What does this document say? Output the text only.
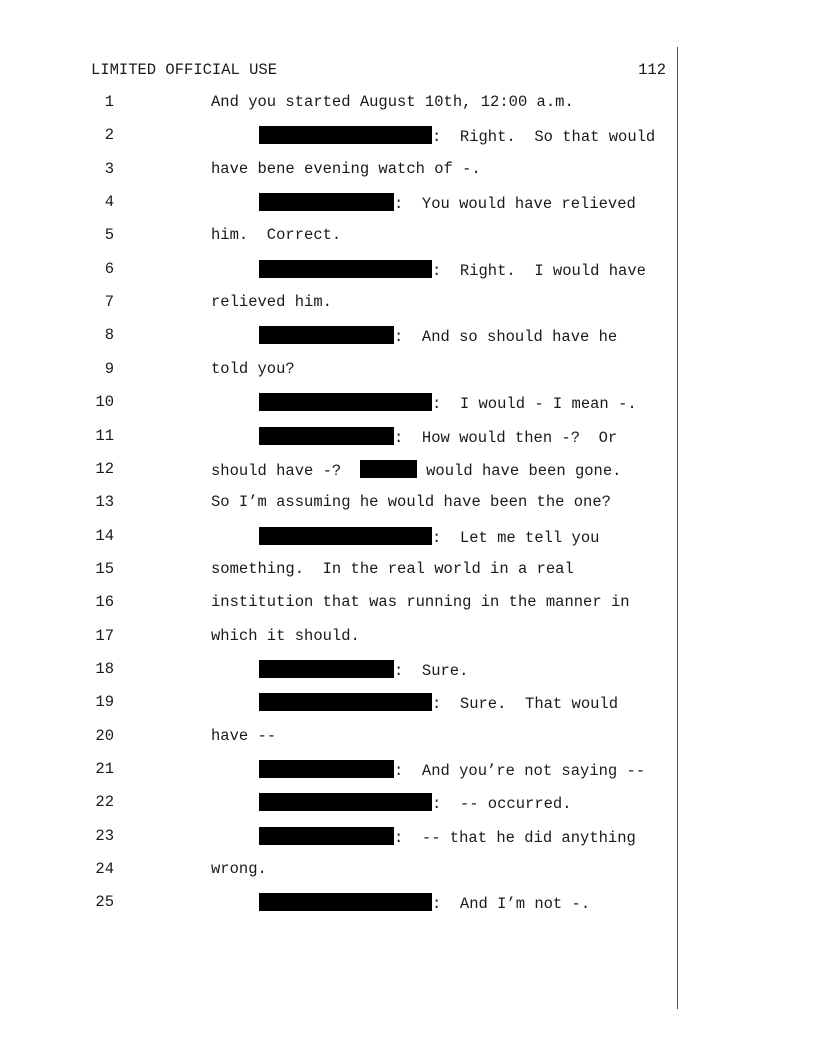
LIMITED OFFICIAL USE	112
1	And you started August 10th, 12:00 a.m.
2	:  Right.  So that would
3	have bene evening watch of -.
4	:  You would have relieved
5	him.  Correct.
6	:  Right.  I would have
7	relieved him.
8	:  And so should have he
9	told you?
10	:  I would - I mean -.
11	:  How would then -?  Or
12	should have -?	would have been gone.
13	So I’m assuming he would have been the one?
14	:  Let me tell you
15	something.  In the real world in a real
16	institution that was running in the manner in
17	which it should.
18	:  Sure.
19	:  Sure.  That would
20	have --
21	:  And you’re not saying --
22	:  -- occurred.
23	:  -- that he did anything
24	wrong.
25	:  And I’m not -.
